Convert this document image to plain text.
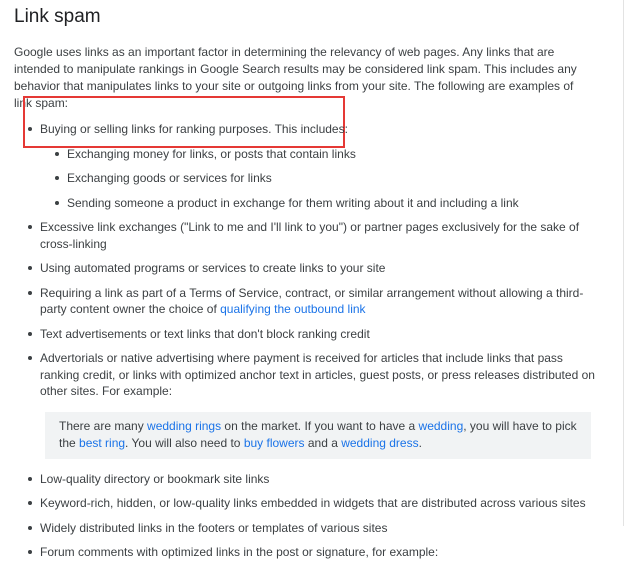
Link spam

Google uses links as an important factor in determining the relevancy of web pages. Any links that are intended to manipulate rankings in Google Search results may be considered link spam. This includes any behavior that manipulates links to your site or outgoing links from your site. The following are examples of link spam:

Buying or selling links for ranking purposes. This includes:
Exchanging money for links, or posts that contain links
Exchanging goods or services for links
Sending someone a product in exchange for them writing about it and including a link
Excessive link exchanges ("Link to me and I'll link to you") or partner pages exclusively for the sake of cross-linking
Using automated programs or services to create links to your site
Requiring a link as part of a Terms of Service, contract, or similar arrangement without allowing a third-party content owner the choice of qualifying the outbound link
Text advertisements or text links that don't block ranking credit
Advertorials or native advertising where payment is received for articles that include links that pass ranking credit, or links with optimized anchor text in articles, guest posts, or press releases distributed on other sites. For example:
There are many wedding rings on the market. If you want to have a wedding, you will have to pick the best ring. You will also need to buy flowers and a wedding dress.
Low-quality directory or bookmark site links
Keyword-rich, hidden, or low-quality links embedded in widgets that are distributed across various sites
Widely distributed links in the footers or templates of various sites
Forum comments with optimized links in the post or signature, for example:
